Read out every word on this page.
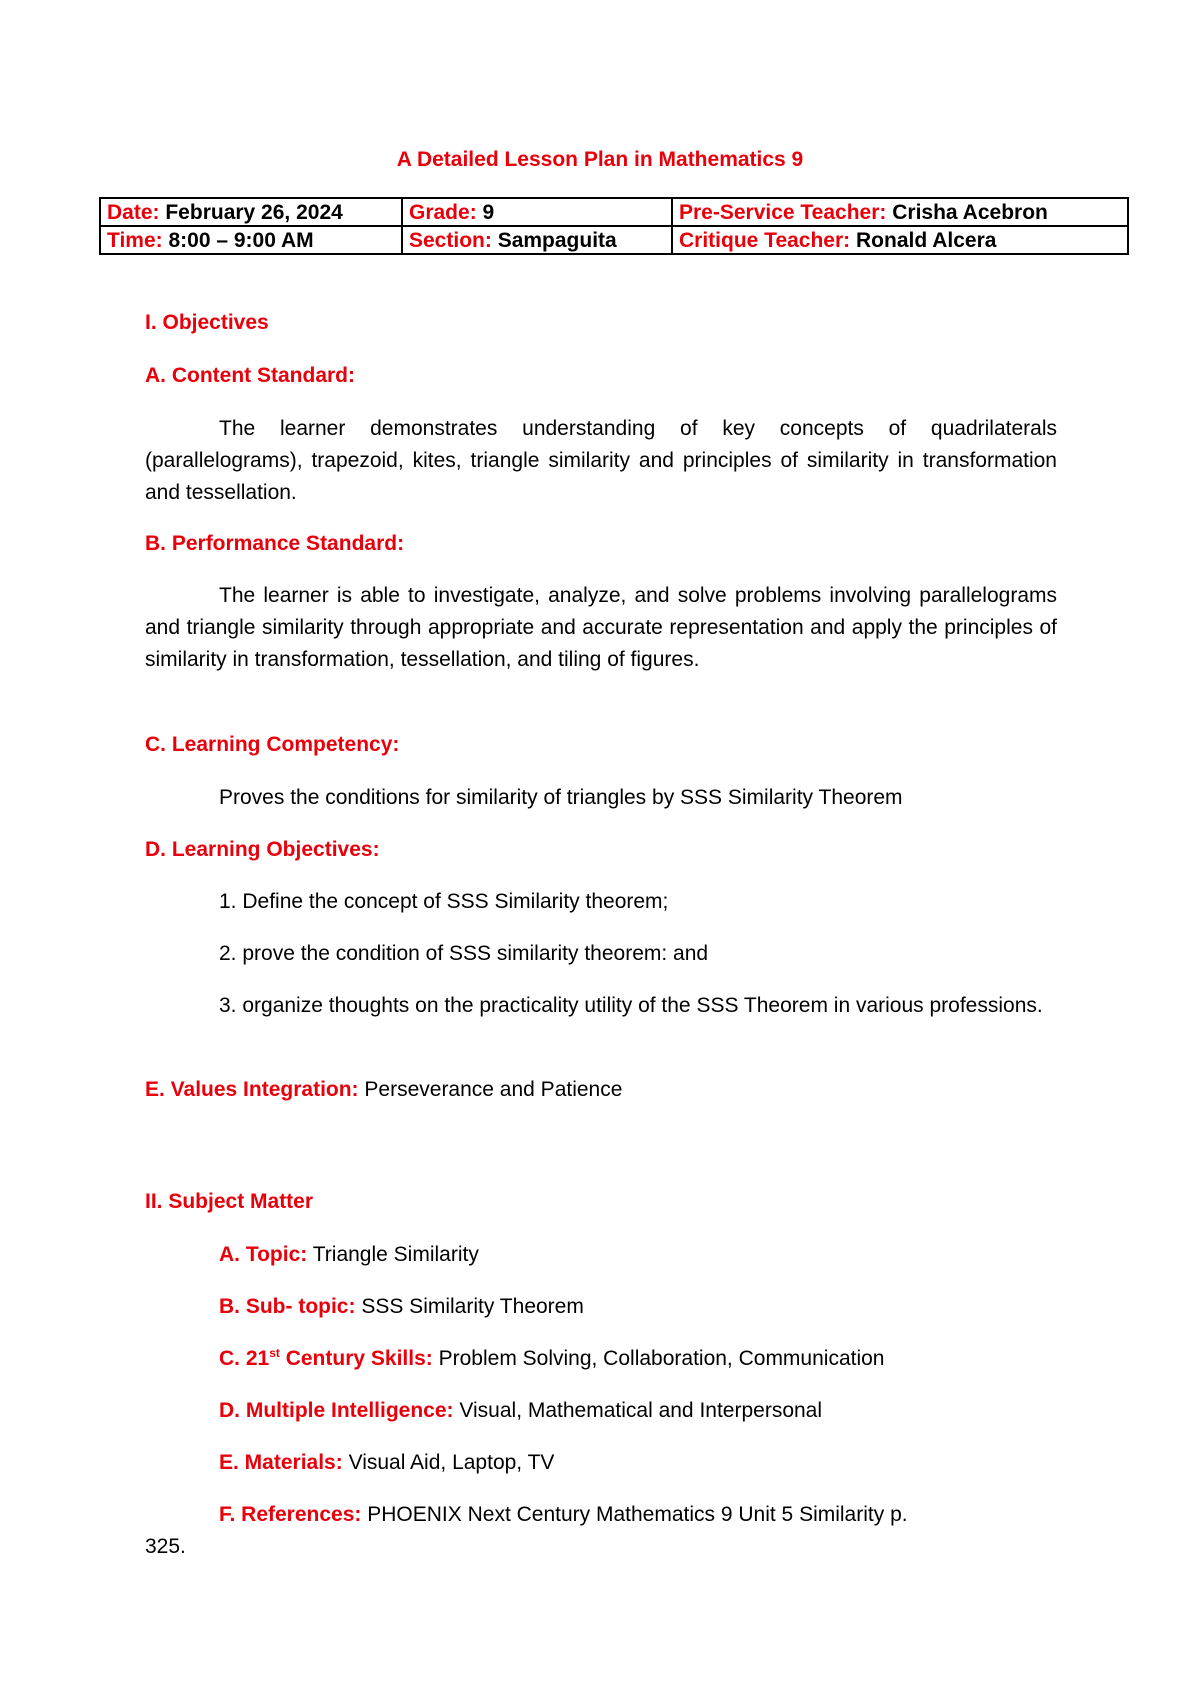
A Detailed Lesson Plan in Mathematics 9
Date: February 26, 2024	Grade: 9	Pre-Service Teacher: Crisha Acebron
Time: 8:00 – 9:00 AM	Section: Sampaguita	Critique Teacher: Ronald Alcera
I. Objectives
A. Content Standard:
The learner demonstrates understanding of key concepts of quadrilaterals (parallelograms), trapezoid, kites, triangle similarity and principles of similarity in transformation and tessellation.
B. Performance Standard:
The learner is able to investigate, analyze, and solve problems involving parallelograms and triangle similarity through appropriate and accurate representation and apply the principles of similarity in transformation, tessellation, and tiling of figures.
C. Learning Competency:
Proves the conditions for similarity of triangles by SSS Similarity Theorem
D. Learning Objectives:
1. Define the concept of SSS Similarity theorem;
2. prove the condition of SSS similarity theorem: and
3. organize thoughts on the practicality utility of the SSS Theorem in various professions.
E. Values Integration: Perseverance and Patience
II. Subject Matter
A. Topic: Triangle Similarity
B. Sub- topic: SSS Similarity Theorem
C. 21st Century Skills: Problem Solving, Collaboration, Communication
D. Multiple Intelligence: Visual, Mathematical and Interpersonal
E. Materials: Visual Aid, Laptop, TV
F. References: PHOENIX Next Century Mathematics 9 Unit 5 Similarity p.
325.
